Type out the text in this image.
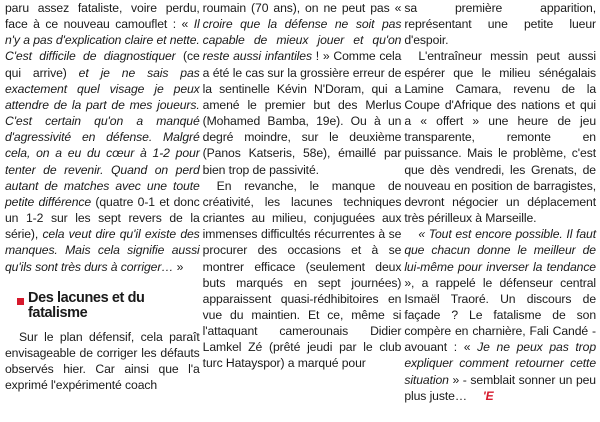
paru assez fataliste, voire perdu, face à ce nouveau camouflet : « Il n'y a pas d'explication claire et nette. C'est difficile de diagnostiquer (ce qui arrive) et je ne sais pas exactement quel visage je peux attendre de la part de mes joueurs. C'est certain qu'on a manqué d'agressivité en défense. Malgré cela, on a eu du cœur à 1-2 pour tenter de revenir. Quand on perd autant de matches avec une toute petite différence (quatre 0-1 et donc un 1-2 sur les sept revers de la série), cela veut dire qu'il existe des manques. Mais cela signifie aussi qu'ils sont très durs à corriger… »

Des lacunes et du fatalisme

Sur le plan défensif, cela paraît envisageable de corriger les défauts observés hier. Car ainsi que l'a exprimé l'expérimenté coach

roumain (70 ans), on ne peut pas « croire que la défense ne soit pas capable de mieux jouer et qu'on reste aussi infantiles ! » Comme cela a été le cas sur la grossière erreur de la sentinelle Kévin N'Doram, qui a amené le premier but des Merlus (Mohamed Bamba, 19e). Ou à un degré moindre, sur le deuxième (Panos Katseris, 58e), émaillé par bien trop de passivité.

En revanche, le manque de créativité, les lacunes techniques criantes au milieu, conjuguées aux immenses difficultés récurrentes à se procurer des occasions et à se montrer efficace (seulement deux buts marqués en sept journées) apparaissent quasi-rédhibitoires en vue du maintien. Et ce, même si l'attaquant camerounais Didier Lamkel Zé (prêté jeudi par le club turc Hatayspor) a marqué pour

sa première apparition, représentant une petite lueur d'espoir.

L'entraîneur messin peut aussi espérer que le milieu sénégalais Lamine Camara, revenu de la Coupe d'Afrique des nations et qui a « offert » une heure de jeu transparente, remonte en puissance. Mais le problème, c'est que dès vendredi, les Grenats, de nouveau en position de barragistes, devront négocier un déplacement très périlleux à Marseille.

« Tout est encore possible. Il faut que chacun donne le meilleur de lui-même pour inverser la tendance », a rappelé le défenseur central Ismaël Traoré. Un discours de façade ? Le fatalisme de son compère en charnière, Fali Candé - avouant : « Je ne peux pas trop expliquer comment retourner cette situation » - semblait sonner un peu plus juste… 'E
